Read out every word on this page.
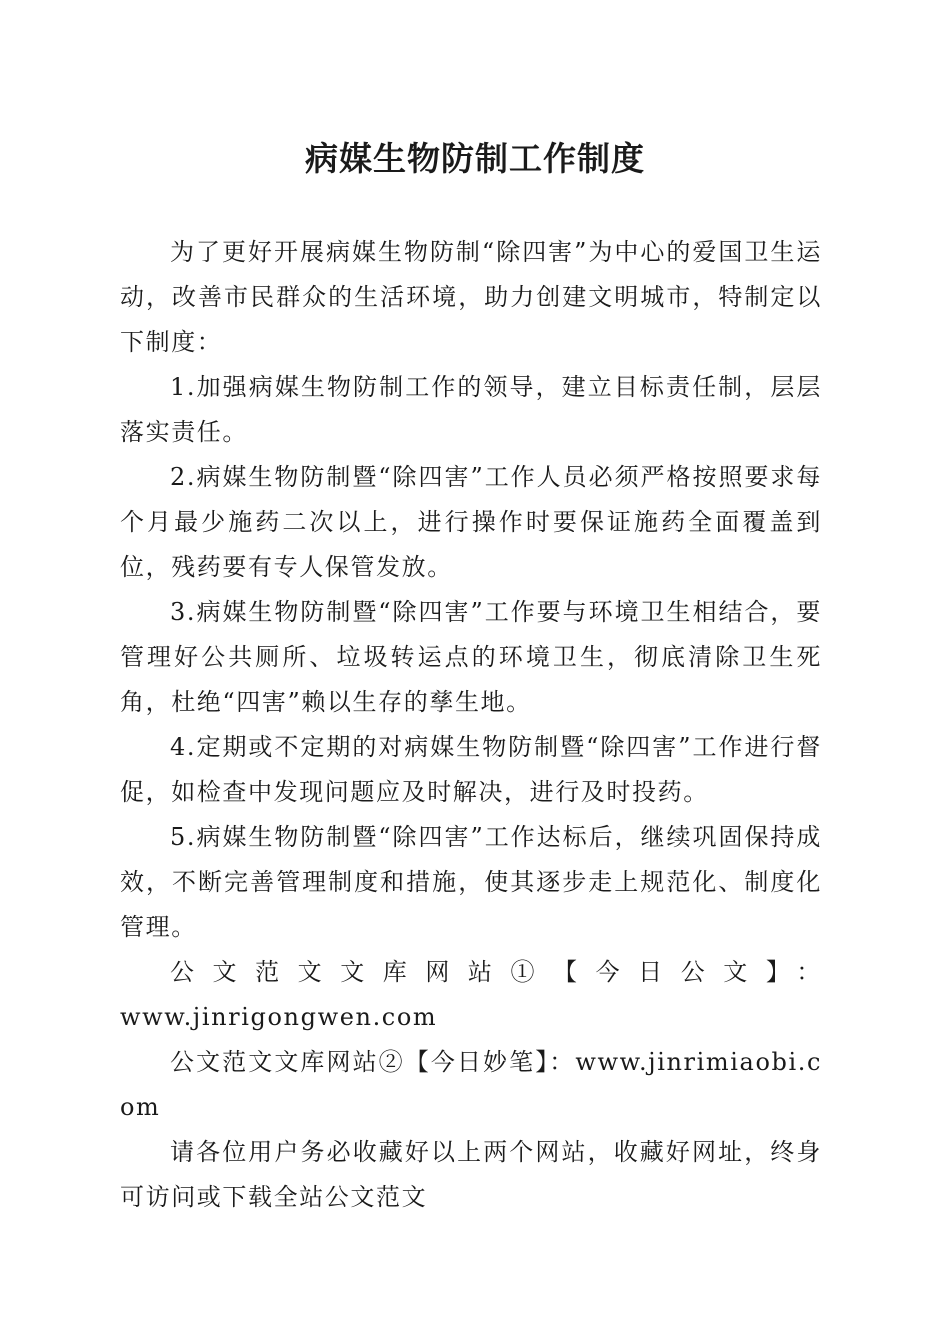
病媒生物防制工作制度

为了更好开展病媒生物防制“除四害”为中心的爱国卫生运动，改善市民群众的生活环境，助力创建文明城市，特制定以下制度：

1.加强病媒生物防制工作的领导，建立目标责任制，层层落实责任。

2.病媒生物防制暨“除四害”工作人员必须严格按照要求每个月最少施药二次以上，进行操作时要保证施药全面覆盖到位，残药要有专人保管发放。

3.病媒生物防制暨“除四害”工作要与环境卫生相结合，要管理好公共厕所、垃圾转运点的环境卫生，彻底清除卫生死角，杜绝“四害”赖以生存的孳生地。

4.定期或不定期的对病媒生物防制暨“除四害”工作进行督促，如检查中发现问题应及时解决，进行及时投药。

5.病媒生物防制暨“除四害”工作达标后，继续巩固保持成效，不断完善管理制度和措施，使其逐步走上规范化、制度化管理。

公文范文文库网站①【今日公文】：
www.jinrigongwen.com

公文范文文库网站②【今日妙笔】：www.jinrimiaobi.com

请各位用户务必收藏好以上两个网站，收藏好网址，终身可访问或下载全站公文范文
